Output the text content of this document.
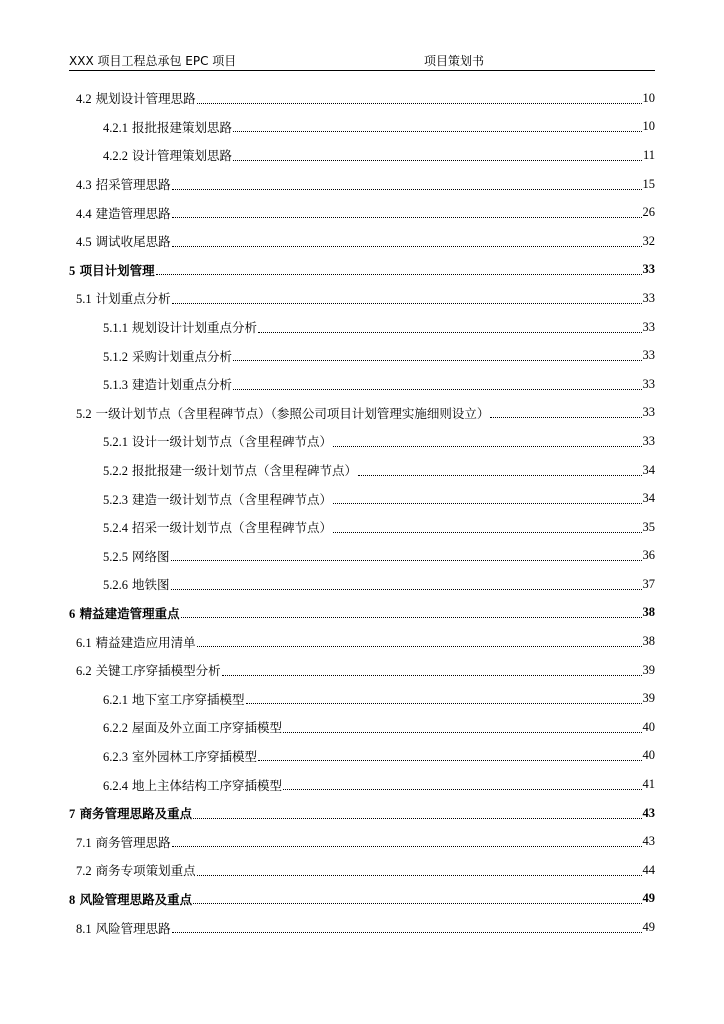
XXX 项目工程总承包 EPC 项目	项目策划书
4.2 规划设计管理思路	10
4.2.1 报批报建策划思路	10
4.2.2 设计管理策划思路	11
4.3 招采管理思路	15
4.4 建造管理思路	26
4.5 调试收尾思路	32
5 项目计划管理	33
5.1 计划重点分析	33
5.1.1 规划设计计划重点分析	33
5.1.2 采购计划重点分析	33
5.1.3 建造计划重点分析	33
5.2 一级计划节点（含里程碑节点）（参照公司项目计划管理实施细则设立）	33
5.2.1 设计一级计划节点（含里程碑节点）	33
5.2.2 报批报建一级计划节点（含里程碑节点）	34
5.2.3 建造一级计划节点（含里程碑节点）	34
5.2.4 招采一级计划节点（含里程碑节点）	35
5.2.5 网络图	36
5.2.6 地铁图	37
6 精益建造管理重点	38
6.1 精益建造应用清单	38
6.2 关键工序穿插模型分析	39
6.2.1 地下室工序穿插模型	39
6.2.2 屋面及外立面工序穿插模型	40
6.2.3 室外园林工序穿插模型	40
6.2.4 地上主体结构工序穿插模型	41
7 商务管理思路及重点	43
7.1 商务管理思路	43
7.2 商务专项策划重点	44
8 风险管理思路及重点	49
8.1 风险管理思路	49
